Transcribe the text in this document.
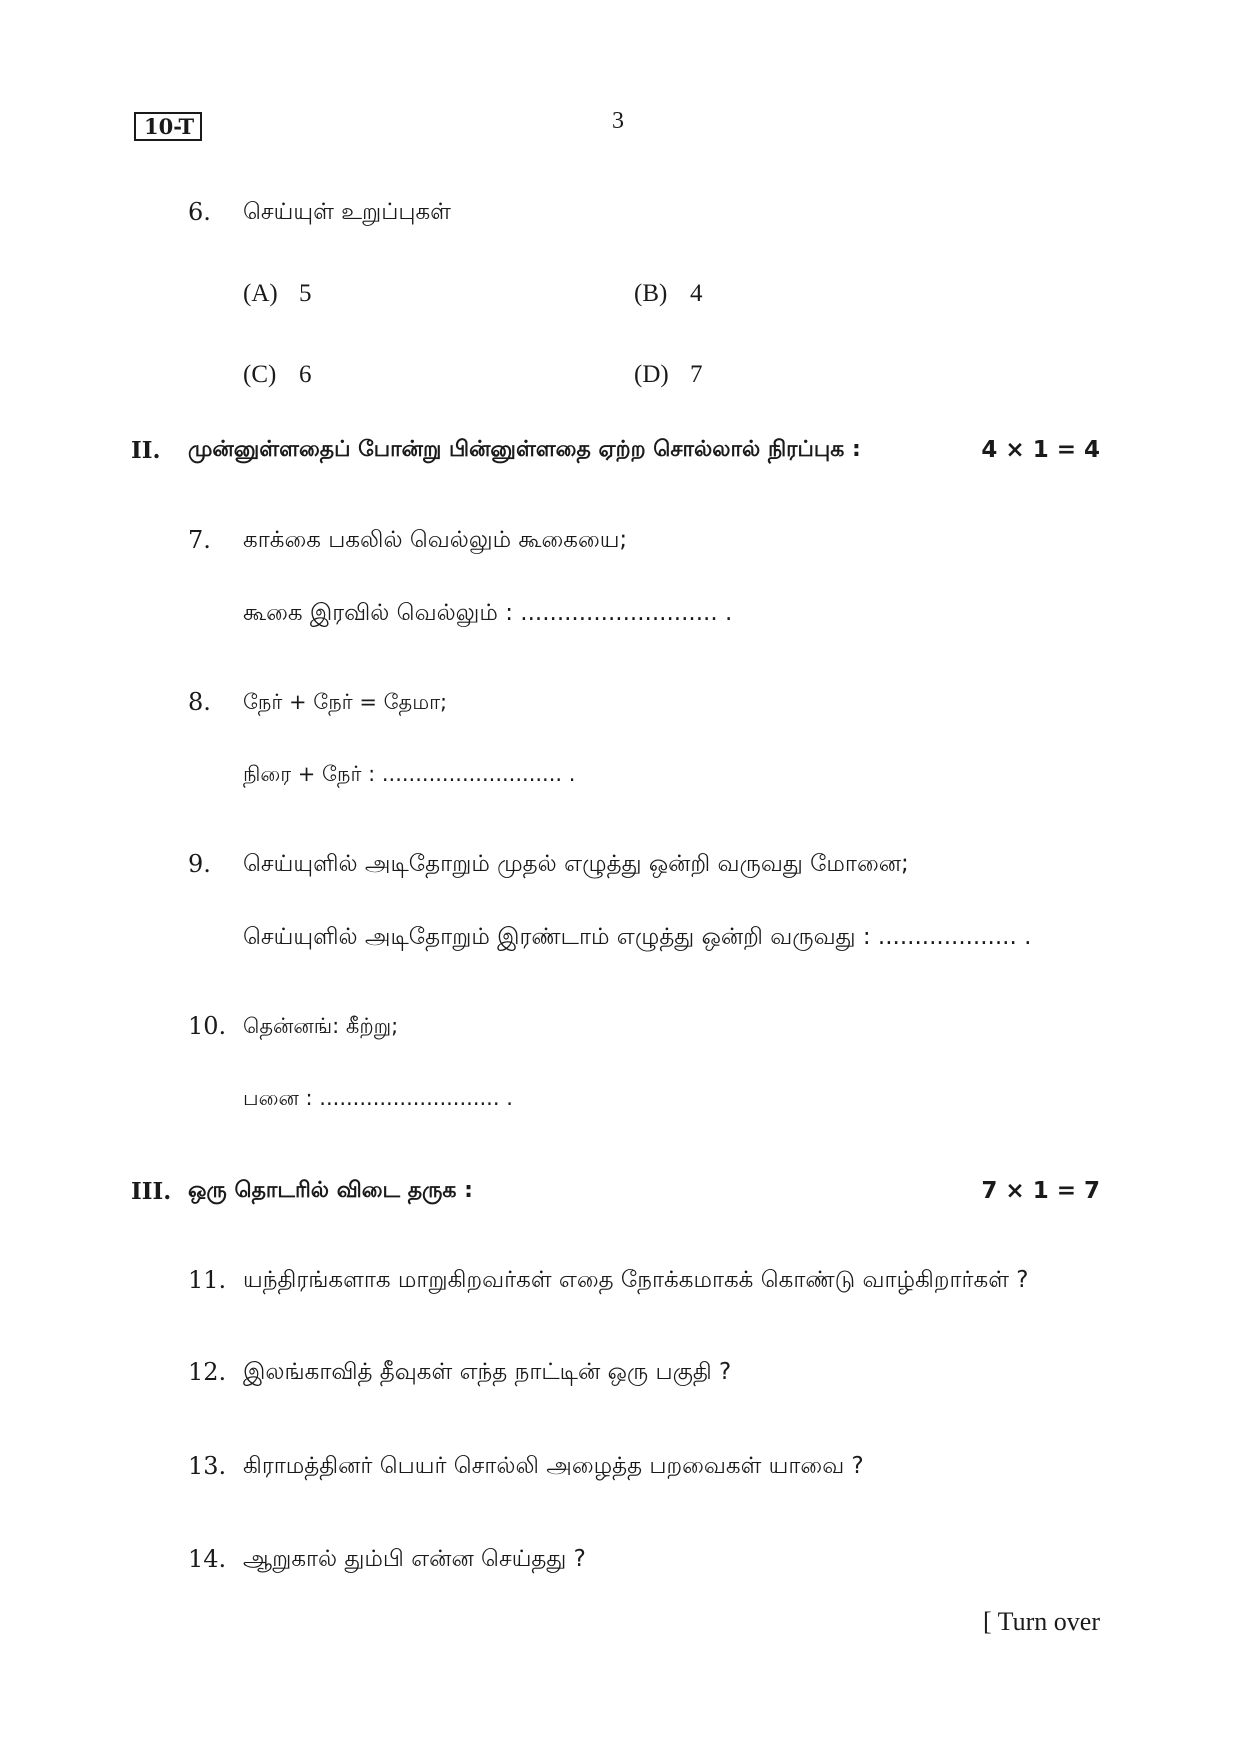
10-T	3
6. செய்யுள் உறுப்புகள்
(A) 5	(B) 4
(C) 6	(D) 7
II. முன்னுள்ளதைப் போன்று பின்னுள்ளதை ஏற்ற சொல்லால் நிரப்புக :	4 × 1 = 4
7. காக்கை பகலில் வெல்லும் கூகையை;
கூகை இரவில் வெல்லும் : ........................... .
8. நேர் + நேர் = தேமா;
நிரை + நேர் : ........................... .
9. செய்யுளில் அடிதோறும் முதல் எழுத்து ஒன்றி வருவது மோனை;
செய்யுளில் அடிதோறும் இரண்டாம் எழுத்து ஒன்றி வருவது : ................... .
10. தென்னங்: கீற்று;
பனை : ........................... .
III. ஒரு தொடரில் விடை தருக :	7 × 1 = 7
11. யந்திரங்களாக மாறுகிறவர்கள் எதை நோக்கமாகக் கொண்டு வாழ்கிறார்கள் ?
12. இலங்காவித் தீவுகள் எந்த நாட்டின் ஒரு பகுதி ?
13. கிராமத்தினர் பெயர் சொல்லி அழைத்த பறவைகள் யாவை ?
14. ஆறுகால் தும்பி என்ன செய்தது ?
[ Turn over
